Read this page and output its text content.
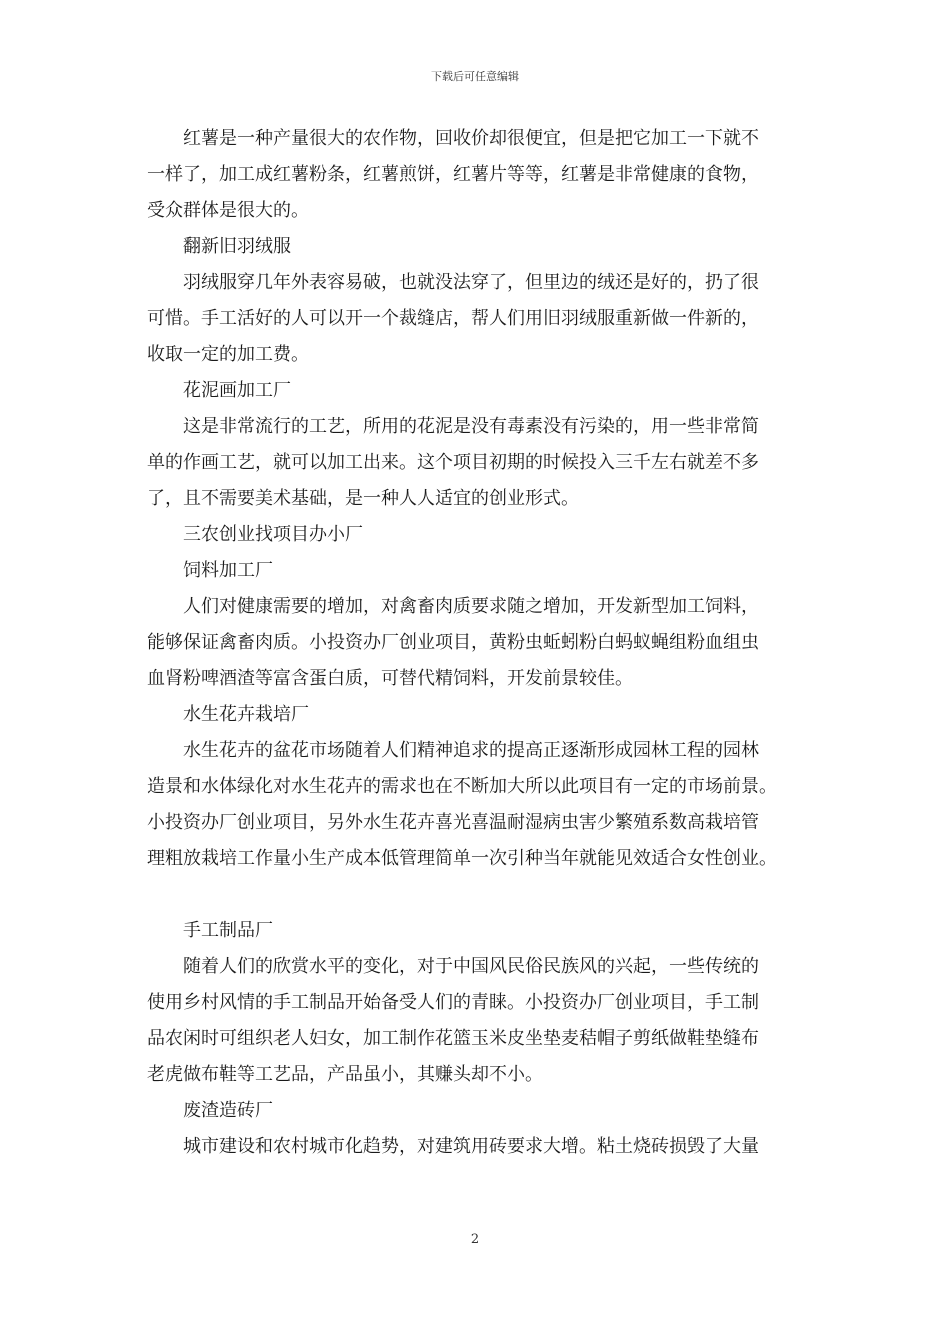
下载后可任意编辑
红薯是一种产量很大的农作物，回收价却很便宜，但是把它加工一下就不
一样了，加工成红薯粉条，红薯煎饼，红薯片等等，红薯是非常健康的食物，
受众群体是很大的。
翻新旧羽绒服
羽绒服穿几年外表容易破，也就没法穿了，但里边的绒还是好的，扔了很
可惜。手工活好的人可以开一个裁缝店，帮人们用旧羽绒服重新做一件新的，
收取一定的加工费。
花泥画加工厂
这是非常流行的工艺，所用的花泥是没有毒素没有污染的，用一些非常简
单的作画工艺，就可以加工出来。这个项目初期的时候投入三千左右就差不多
了，且不需要美术基础，是一种人人适宜的创业形式。
三农创业找项目办小厂
饲料加工厂
人们对健康需要的增加，对禽畜肉质要求随之增加，开发新型加工饲料，
能够保证禽畜肉质。小投资办厂创业项目，黄粉虫蚯蚓粉白蚂蚁蝇组粉血组虫
血肾粉啤酒渣等富含蛋白质，可替代精饲料，开发前景较佳。
水生花卉栽培厂
水生花卉的盆花市场随着人们精神追求的提高正逐渐形成园林工程的园林
造景和水体绿化对水生花卉的需求也在不断加大所以此项目有一定的市场前景。
小投资办厂创业项目，另外水生花卉喜光喜温耐湿病虫害少繁殖系数高栽培管
理粗放栽培工作量小生产成本低管理简单一次引种当年就能见效适合女性创业。
手工制品厂
随着人们的欣赏水平的变化，对于中国风民俗民族风的兴起，一些传统的
使用乡村风情的手工制品开始备受人们的青睐。小投资办厂创业项目，手工制
品农闲时可组织老人妇女，加工制作花篮玉米皮坐垫麦秸帽子剪纸做鞋垫缝布
老虎做布鞋等工艺品，产品虽小，其赚头却不小。
废渣造砖厂
城市建设和农村城市化趋势，对建筑用砖要求大增。粘土烧砖损毁了大量
2
